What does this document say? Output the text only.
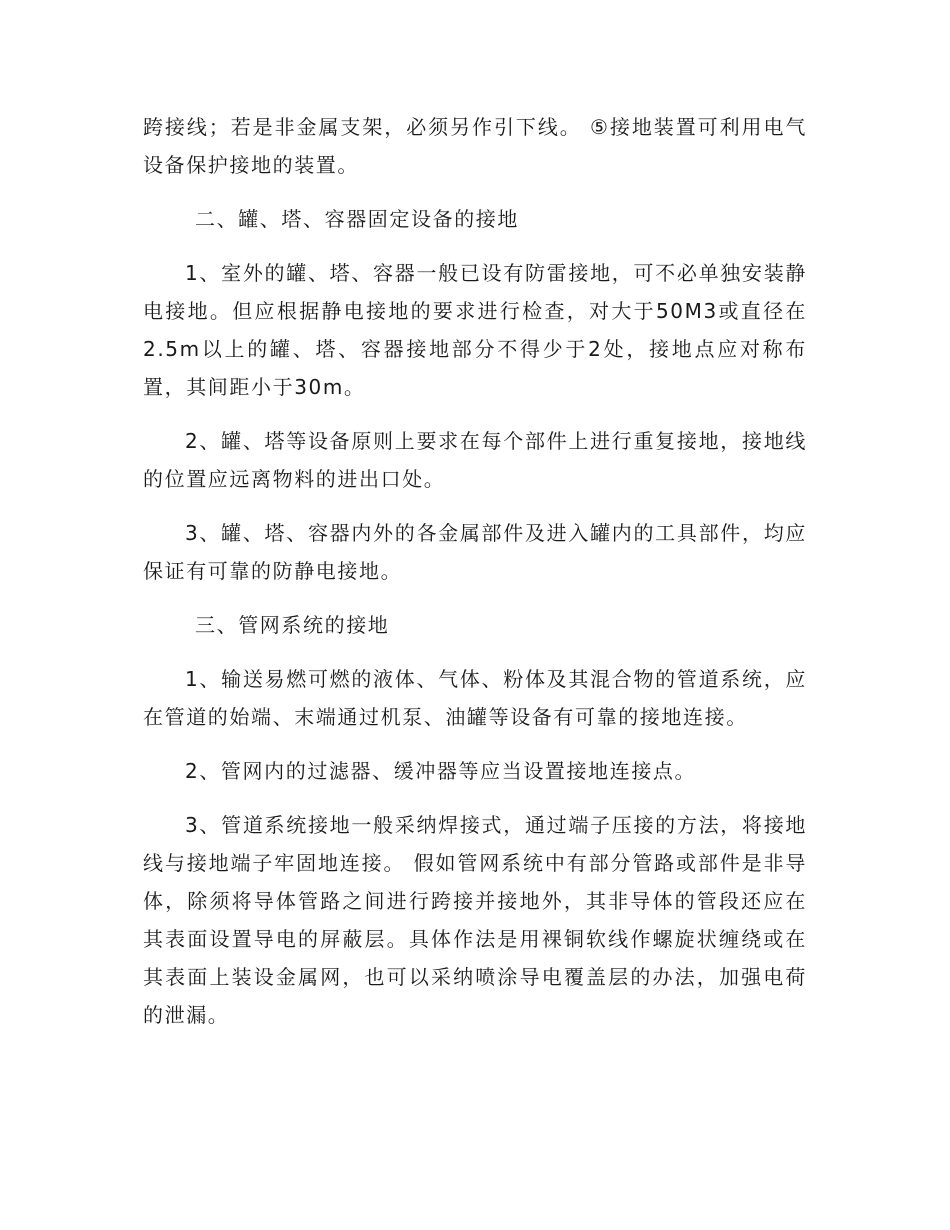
跨接线；若是非金属支架，必须另作引下线。 ⑤接地装置可利用电气设备保护接地的装置。

二、罐、塔、容器固定设备的接地

1、室外的罐、塔、容器一般已设有防雷接地，可不必单独安装静电接地。但应根据静电接地的要求进行检查，对大于50M3或直径在2.5m以上的罐、塔、容器接地部分不得少于2处，接地点应对称布置，其间距小于30m。

2、罐、塔等设备原则上要求在每个部件上进行重复接地，接地线的位置应远离物料的进出口处。

3、罐、塔、容器内外的各金属部件及进入罐内的工具部件，均应保证有可靠的防静电接地。

三、管网系统的接地

1、输送易燃可燃的液体、气体、粉体及其混合物的管道系统，应在管道的始端、末端通过机泵、油罐等设备有可靠的接地连接。

2、管网内的过滤器、缓冲器等应当设置接地连接点。

3、管道系统接地一般采纳焊接式，通过端子压接的方法，将接地线与接地端子牢固地连接。 假如管网系统中有部分管路或部件是非导体，除须将导体管路之间进行跨接并接地外，其非导体的管段还应在其表面设置导电的屏蔽层。具体作法是用裸铜软线作螺旋状缠绕或在其表面上装设金属网，也可以采纳喷涂导电覆盖层的办法，加强电荷的泄漏。
